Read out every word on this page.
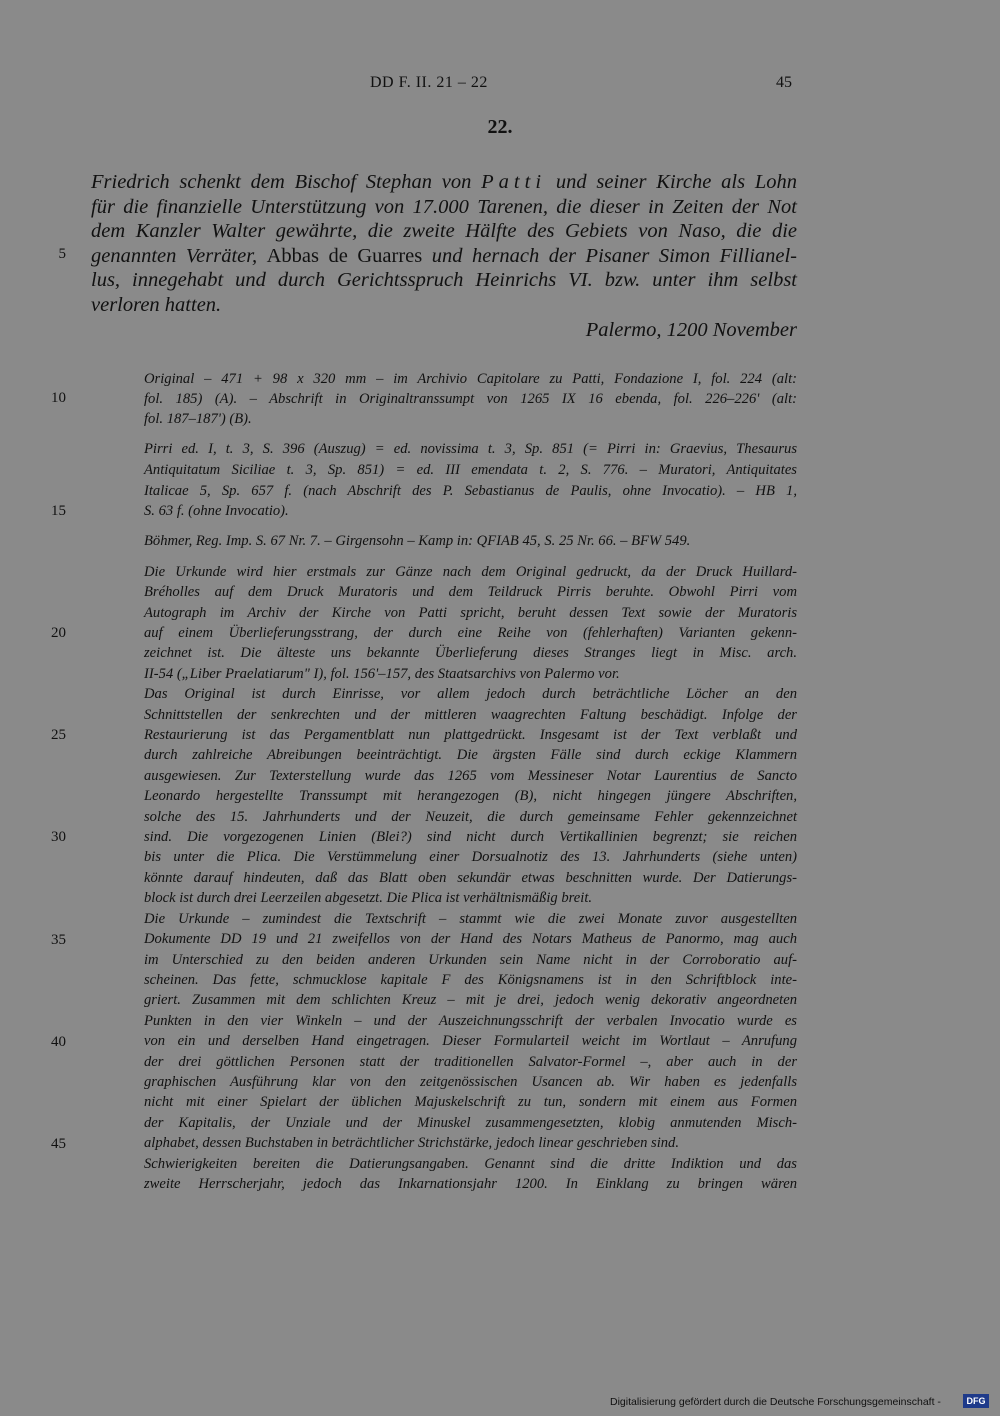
DD F. II. 21 – 22	45
22.
Friedrich schenkt dem Bischof Stephan von Patti und seiner Kirche als Lohn
für die finanzielle Unterstützung von 17.000 Tarenen, die dieser in Zeiten der Not
dem Kanzler Walter gewährte, die zweite Hälfte des Gebiets von Naso, die die
genannten Verräter, Abbas de Guarres und hernach der Pisaner Simon Fillianel-
lus, innegehabt und durch Gerichtsspruch Heinrichs VI. bzw. unter ihm selbst
verloren hatten.
Palermo, 1200 November
5
10
15
20
25
30
35
40
45
Original – 471 + 98 x 320 mm – im Archivio Capitolare zu Patti, Fondazione I, fol. 224 (alt:
fol. 185) (A). – Abschrift in Originaltranssumpt von 1265 IX 16 ebenda, fol. 226–226' (alt:
fol. 187–187') (B).
Pirri ed. I, t. 3, S. 396 (Auszug) = ed. novissima t. 3, Sp. 851 (= Pirri in: Graevius, Thesaurus
Antiquitatum Siciliae t. 3, Sp. 851) = ed. III emendata t. 2, S. 776. – Muratori, Antiquitates
Italicae 5, Sp. 657 f. (nach Abschrift des P. Sebastianus de Paulis, ohne Invocatio). – HB 1,
S. 63 f. (ohne Invocatio).
Böhmer, Reg. Imp. S. 67 Nr. 7. – Girgensohn – Kamp in: QFIAB 45, S. 25 Nr. 66. – BFW 549.
Die Urkunde wird hier erstmals zur Gänze nach dem Original gedruckt, da der Druck Huillard-
Bréholles auf dem Druck Muratoris und dem Teildruck Pirris beruhte. Obwohl Pirri vom
Autograph im Archiv der Kirche von Patti spricht, beruht dessen Text sowie der Muratoris
auf einem Überlieferungsstrang, der durch eine Reihe von (fehlerhaften) Varianten gekenn-
zeichnet ist. Die älteste uns bekannte Überlieferung dieses Stranges liegt in Misc. arch.
II-54 („Liber Praelatiarum" I), fol. 156'–157, des Staatsarchivs von Palermo vor.
Das Original ist durch Einrisse, vor allem jedoch durch beträchtliche Löcher an den
Schnittstellen der senkrechten und der mittleren waagrechten Faltung beschädigt. Infolge der
Restaurierung ist das Pergamentblatt nun plattgedrückt. Insgesamt ist der Text verblaßt und
durch zahlreiche Abreibungen beeinträchtigt. Die ärgsten Fälle sind durch eckige Klammern
ausgewiesen. Zur Texterstellung wurde das 1265 vom Messineser Notar Laurentius de Sancto
Leonardo hergestellte Transsumpt mit herangezogen (B), nicht hingegen jüngere Abschriften,
solche des 15. Jahrhunderts und der Neuzeit, die durch gemeinsame Fehler gekennzeichnet
sind. Die vorgezogenen Linien (Blei?) sind nicht durch Vertikallinien begrenzt; sie reichen
bis unter die Plica. Die Verstümmelung einer Dorsualnotiz des 13. Jahrhunderts (siehe unten)
könnte darauf hindeuten, daß das Blatt oben sekundär etwas beschnitten wurde. Der Datierungs-
block ist durch drei Leerzeilen abgesetzt. Die Plica ist verhältnismäßig breit.
Die Urkunde – zumindest die Textschrift – stammt wie die zwei Monate zuvor ausgestellten
Dokumente DD 19 und 21 zweifellos von der Hand des Notars Matheus de Panormo, mag auch
im Unterschied zu den beiden anderen Urkunden sein Name nicht in der Corroboratio auf-
scheinen. Das fette, schmucklose kapitale F des Königsnamens ist in den Schriftblock inte-
griert. Zusammen mit dem schlichten Kreuz – mit je drei, jedoch wenig dekorativ angeordneten
Punkten in den vier Winkeln – und der Auszeichnungsschrift der verbalen Invocatio wurde es
von ein und derselben Hand eingetragen. Dieser Formularteil weicht im Wortlaut – Anrufung
der drei göttlichen Personen statt der traditionellen Salvator-Formel –, aber auch in der
graphischen Ausführung klar von den zeitgenössischen Usancen ab. Wir haben es jedenfalls
nicht mit einer Spielart der üblichen Majuskelschrift zu tun, sondern mit einem aus Formen
der Kapitalis, der Unziale und der Minuskel zusammengesetzten, klobig anmutenden Misch-
alphabet, dessen Buchstaben in beträchtlicher Strichstärke, jedoch linear geschrieben sind.
Schwierigkeiten bereiten die Datierungsangaben. Genannt sind die dritte Indiktion und das
zweite Herrscherjahr, jedoch das Inkarnationsjahr 1200. In Einklang zu bringen wären
Digitalisierung gefördert durch die Deutsche Forschungsgemeinschaft -	DFG
